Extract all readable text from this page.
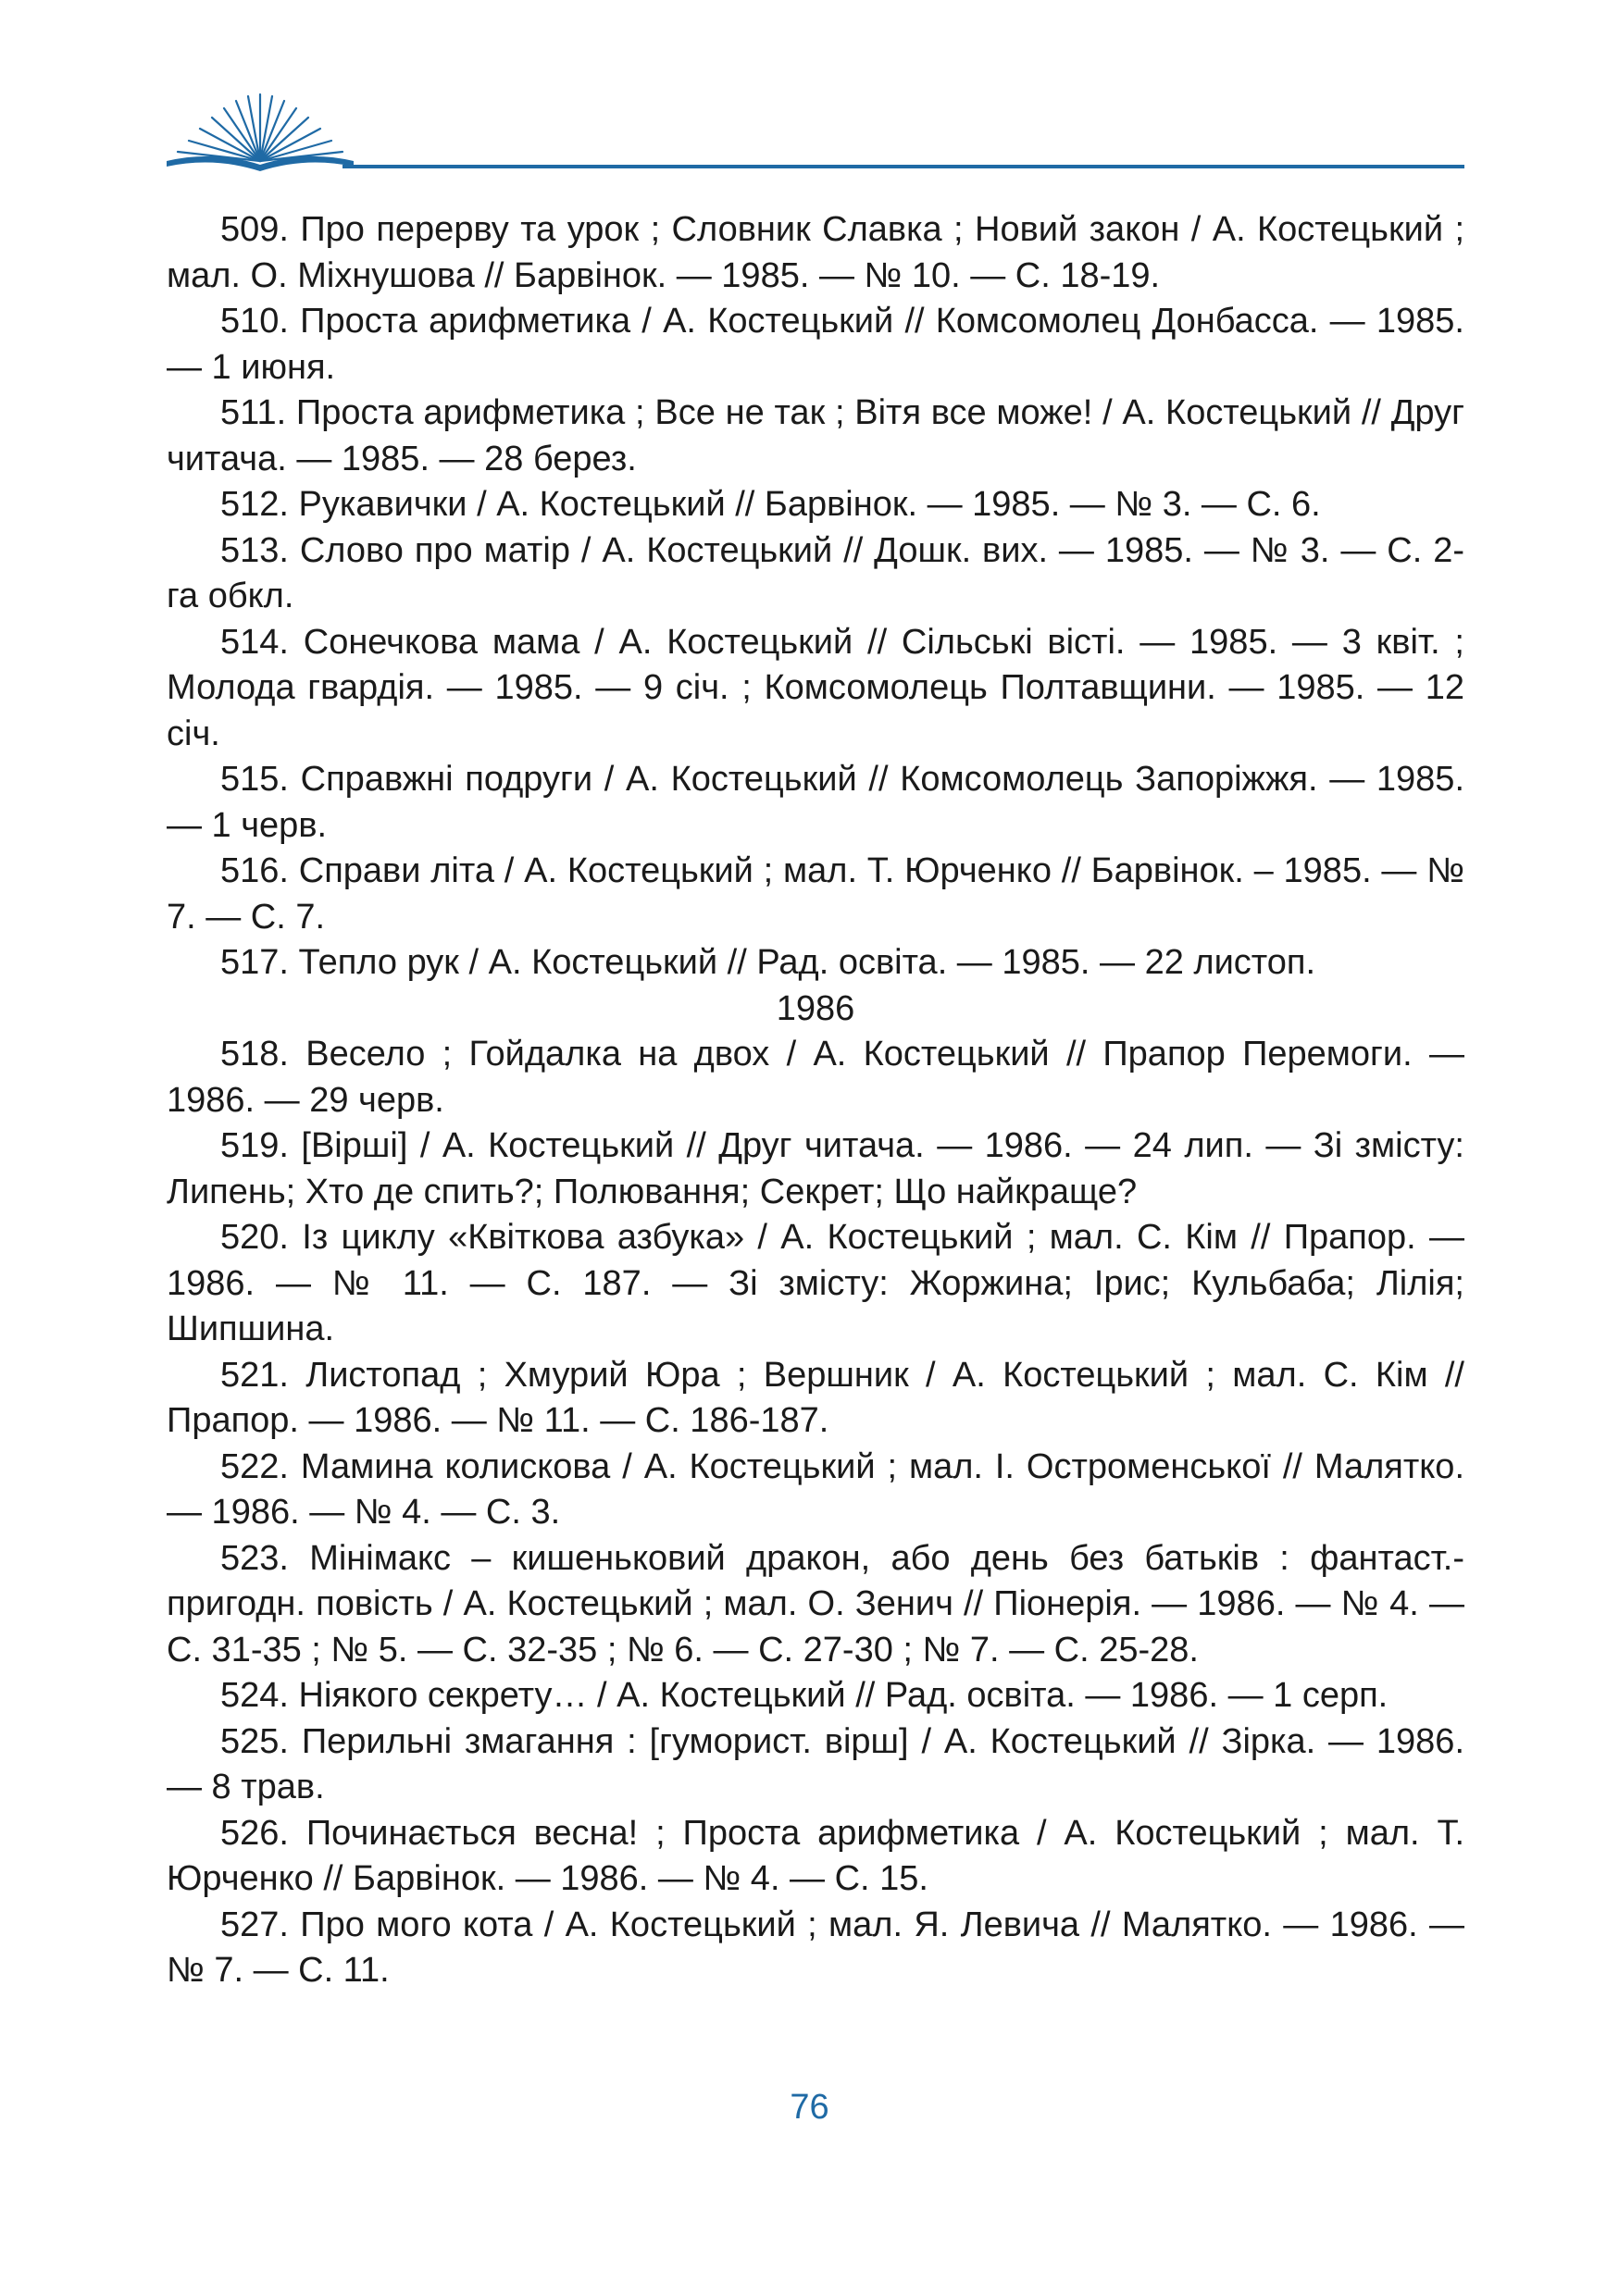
509. Про перерву та урок ; Словник Славка ; Новий закон / А. Костецький ; мал. О. Міхнушова // Барвінок. — 1985. — № 10. — С. 18-19.

510. Проста арифметика / А. Костецький // Комсомолец Донбасса. — 1985. — 1 июня.

511. Проста арифметика ; Все не так ; Вітя все може! / А. Костецький // Друг читача. — 1985. — 28 берез.

512. Рукавички / А. Костецький // Барвінок. — 1985. — № 3. — С. 6.

513. Слово про матір / А. Костецький // Дошк. вих. — 1985. — № 3. — С. 2-га обкл.

514. Сонечкова мама / А. Костецький // Сільські вісті. — 1985. — 3 квіт. ; Молода гвардія. — 1985. — 9 січ. ; Комсомолець Полтавщини. — 1985. — 12 січ.

515. Справжні подруги / А. Костецький // Комсомолець Запоріжжя. — 1985. — 1 черв.

516. Справи літа / А. Костецький ; мал. Т. Юрченко // Барвінок. – 1985. — № 7. — С. 7.

517. Тепло рук / А. Костецький // Рад. освіта. — 1985. — 22 листоп.

1986

518. Весело ; Гойдалка на двох / А. Костецький // Прапор Перемоги. — 1986. — 29 черв.

519. [Вірші] / А. Костецький // Друг читача. — 1986. — 24 лип. — Зі змісту: Липень; Хто де спить?; Полювання; Секрет; Що найкраще?

520. Із циклу «Квіткова азбука» / А. Костецький ; мал. С. Кім // Прапор. — 1986. — № 11. — С. 187. — Зі змісту: Жоржина; Ірис; Кульбаба; Лілія; Шипшина.

521. Листопад ; Хмурий Юра ; Вершник / А. Костецький ; мал. С. Кім // Прапор. — 1986. — № 11. — С. 186-187.

522. Мамина колискова / А. Костецький ; мал. І. Остроменської // Малятко. — 1986. — № 4. — С. 3.

523. Мінімакс – кишеньковий дракон, або день без батьків : фантаст.-пригодн. повість / А. Костецький ; мал. О. Зенич // Піонерія. — 1986. — № 4. — С. 31-35 ; № 5. — С. 32-35 ; № 6. — С. 27-30 ; № 7. — С. 25-28.

524. Ніякого секрету… / А. Костецький // Рад. освіта. — 1986. — 1 серп.

525. Перильні змагання : [гуморист. вірш] / А. Костецький // Зірка. — 1986. — 8 трав.

526. Починається весна! ; Проста арифметика / А. Костецький ; мал. Т. Юрченко // Барвінок. — 1986. — № 4. — С. 15.

527. Про мого кота / А. Костецький ; мал. Я. Левича // Малятко. — 1986. — № 7. — С. 11.

76
